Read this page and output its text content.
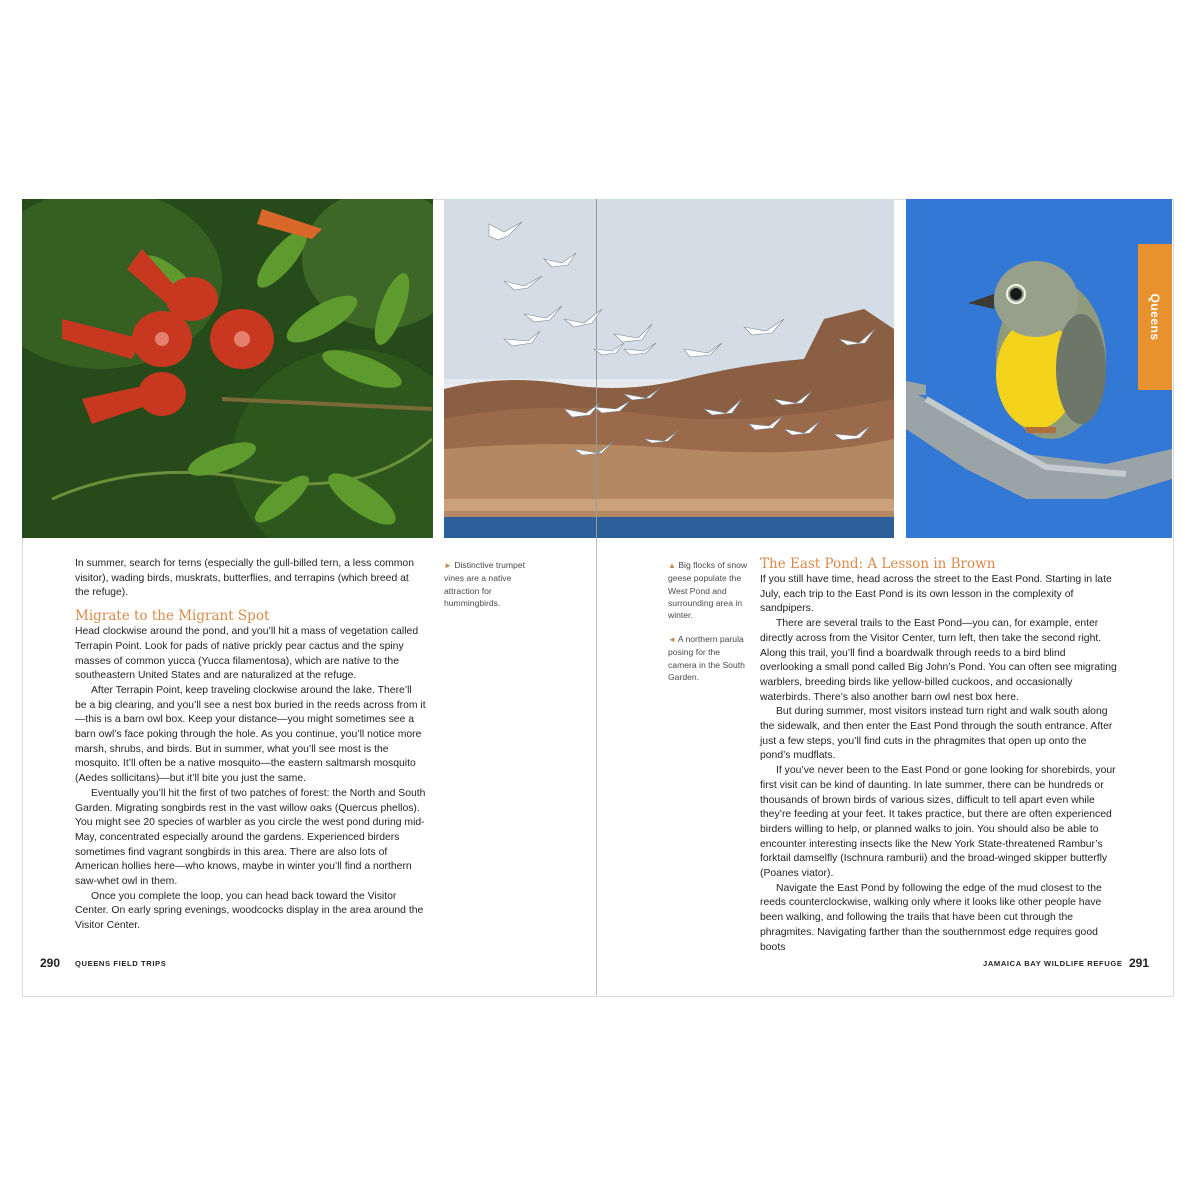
Queens

In summer, search for terns (especially the gull-billed tern, a less common visitor), wading birds, muskrats, butterflies, and terrapins (which breed at the refuge).

Migrate to the Migrant Spot

Head clockwise around the pond, and you’ll hit a mass of vegetation called Terrapin Point. Look for pads of native prickly pear cactus and the spiny masses of common yucca (Yucca filamentosa), which are native to the southeastern United States and are naturalized at the refuge.

After Terrapin Point, keep traveling clockwise around the lake. There’ll be a big clearing, and you’ll see a nest box buried in the reeds across from it—this is a barn owl box. Keep your distance—you might sometimes see a barn owl’s face poking through the hole. As you continue, you’ll notice more marsh, shrubs, and birds. But in summer, what you’ll see most is the mosquito. It’ll often be a native mosquito—the eastern saltmarsh mosquito (Aedes sollicitans)—but it’ll bite you just the same.

Eventually you’ll hit the first of two patches of forest: the North and South Garden. Migrating songbirds rest in the vast willow oaks (Quercus phellos). You might see 20 species of warbler as you circle the west pond during mid-May, concentrated especially around the gardens. Experienced birders sometimes find vagrant songbirds in this area. There are also lots of American hollies here—who knows, maybe in winter you’ll find a northern saw-whet owl in them.

Once you complete the loop, you can head back toward the Visitor Center. On early spring evenings, woodcocks display in the area around the Visitor Center.

► Distinctive trumpet vines are a native attraction for hummingbirds.
▲ Big flocks of snow geese populate the West Pond and surrounding area in winter.
◄ A northern parula posing for the camera in the South Garden.
The East Pond: A Lesson in Brown

If you still have time, head across the street to the East Pond. Starting in late July, each trip to the East Pond is its own lesson in the complexity of sandpipers.

There are several trails to the East Pond—you can, for example, enter directly across from the Visitor Center, turn left, then take the second right. Along this trail, you’ll find a boardwalk through reeds to a bird blind overlooking a small pond called Big John’s Pond. You can often see migrating warblers, breeding birds like yellow-billed cuckoos, and occasionally waterbirds. There’s also another barn owl nest box here.

But during summer, most visitors instead turn right and walk south along the sidewalk, and then enter the East Pond through the south entrance. After just a few steps, you’ll find cuts in the phragmites that open up onto the pond’s mudflats.

If you’ve never been to the East Pond or gone looking for shorebirds, your first visit can be kind of daunting. In late summer, there can be hundreds or thousands of brown birds of various sizes, difficult to tell apart even while they’re feeding at your feet. It takes practice, but there are often experienced birders willing to help, or planned walks to join. You should also be able to encounter interesting insects like the New York State-threatened Rambur’s forktail damselfly (Ischnura ramburii) and the broad-winged skipper butterfly (Poanes viator).

Navigate the East Pond by following the edge of the mud closest to the reeds counterclockwise, walking only where it looks like other people have been walking, and following the trails that have been cut through the phragmites. Navigating farther than the southernmost edge requires good boots

290 QUEENS FIELD TRIPS	JAMAICA BAY WILDLIFE REFUGE 291
